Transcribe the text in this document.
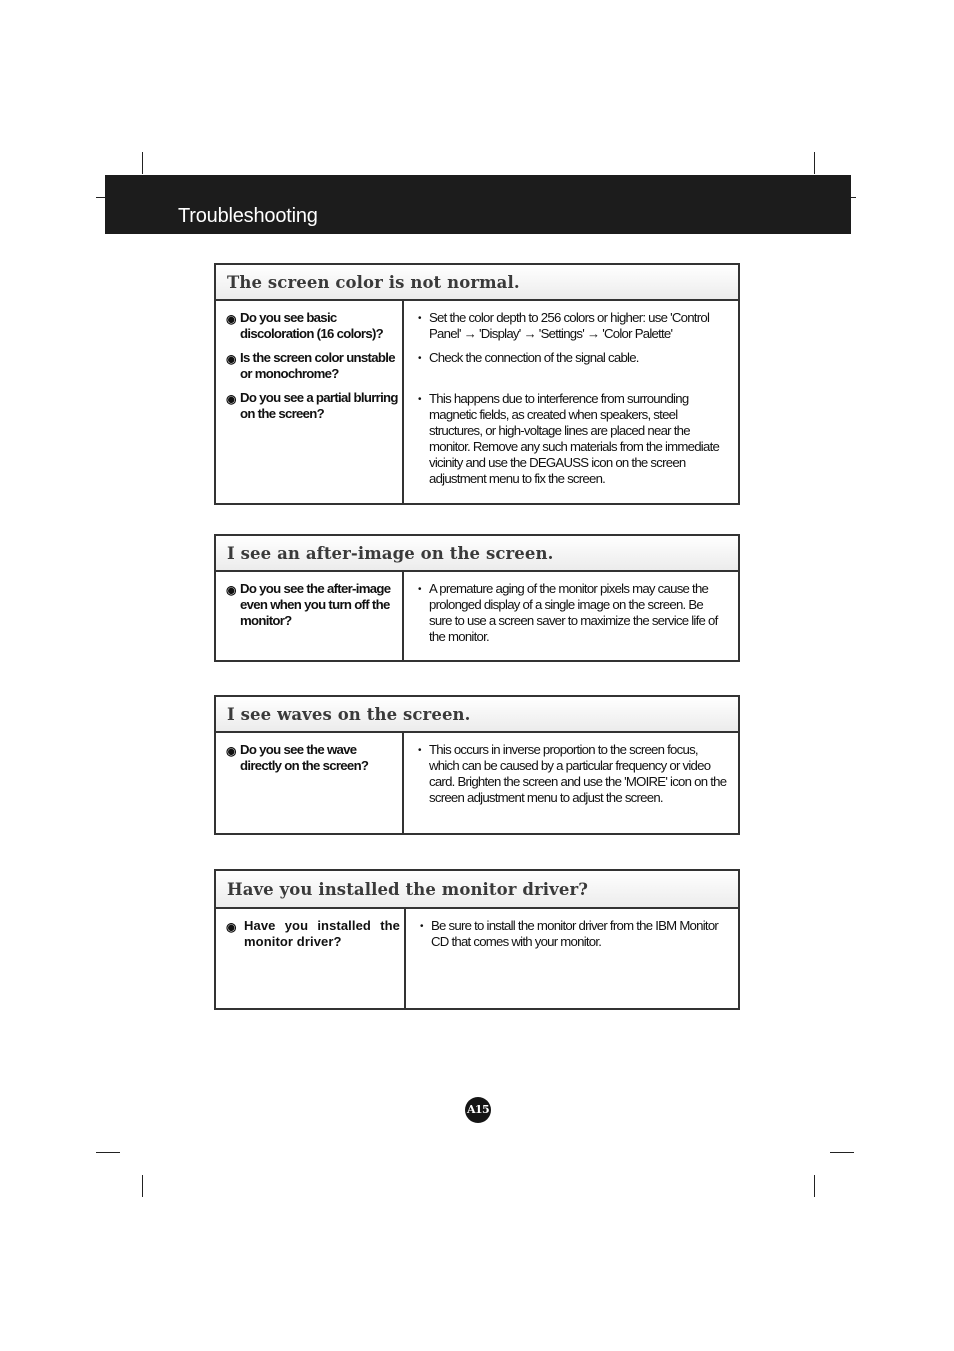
Troubleshooting
The screen color is not normal.
◉ Do you see basic discoloration (16 colors)?
◉ Is the screen color unstable or monochrome?
◉ Do you see a partial blurring on the screen?
• Set the color depth to 256 colors or higher: use 'Control Panel' → 'Display' → 'Settings' → 'Color Palette'
• Check the connection of the signal cable.
• This happens due to interference from surrounding magnetic fields, as created when speakers, steel structures, or high-voltage lines are placed near the monitor. Remove any such materials from the immediate vicinity and use the DEGAUSS icon on the screen adjustment menu to fix the screen.
I see an after-image on the screen.
◉ Do you see the after-image even when you turn off the monitor?
• A premature aging of the monitor pixels may cause the prolonged display of a single image on the screen. Be sure to use a screen saver to maximize the service life of the monitor.
I see waves on the screen.
◉ Do you see the wave directly on the screen?
• This occurs in inverse proportion to the screen focus, which can be caused by a particular frequency or video card. Brighten the screen and use the 'MOIRE' icon on the screen adjustment menu to adjust the screen.
Have you installed the monitor driver?
◉ Have you installed the monitor driver?
• Be sure to install the monitor driver from the IBM Monitor CD that comes with your monitor.
A15
